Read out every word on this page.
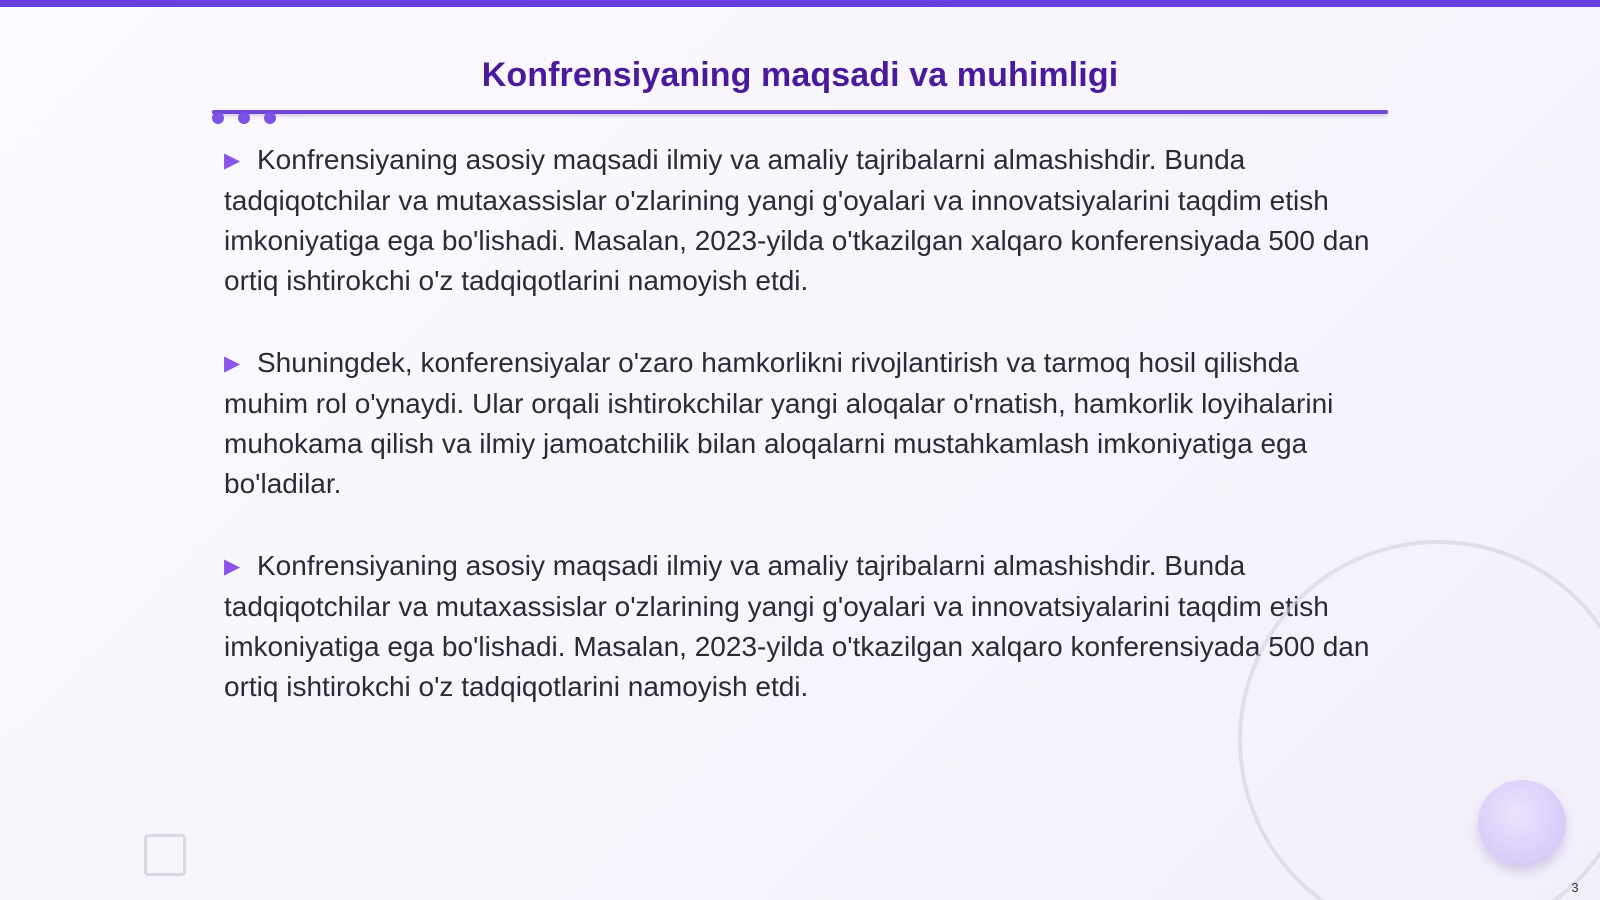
Konfrensiyaning maqsadi va muhimligi

▶ Konfrensiyaning asosiy maqsadi ilmiy va amaliy tajribalarni almashishdir. Bunda tadqiqotchilar va mutaxassislar o'zlarining yangi g'oyalari va innovatsiyalarini taqdim etish imkoniyatiga ega bo'lishadi. Masalan, 2023-yilda o'tkazilgan xalqaro konferensiyada 500 dan ortiq ishtirokchi o'z tadqiqotlarini namoyish etdi.

▶ Shuningdek, konferensiyalar o'zaro hamkorlikni rivojlantirish va tarmoq hosil qilishda muhim rol o'ynaydi. Ular orqali ishtirokchilar yangi aloqalar o'rnatish, hamkorlik loyihalarini muhokama qilish va ilmiy jamoatchilik bilan aloqalarni mustahkamlash imkoniyatiga ega bo'ladilar.

▶ Konfrensiyaning asosiy maqsadi ilmiy va amaliy tajribalarni almashishdir. Bunda tadqiqotchilar va mutaxassislar o'zlarining yangi g'oyalari va innovatsiyalarini taqdim etish imkoniyatiga ega bo'lishadi. Masalan, 2023-yilda o'tkazilgan xalqaro konferensiyada 500 dan ortiq ishtirokchi o'z tadqiqotlarini namoyish etdi.

3
